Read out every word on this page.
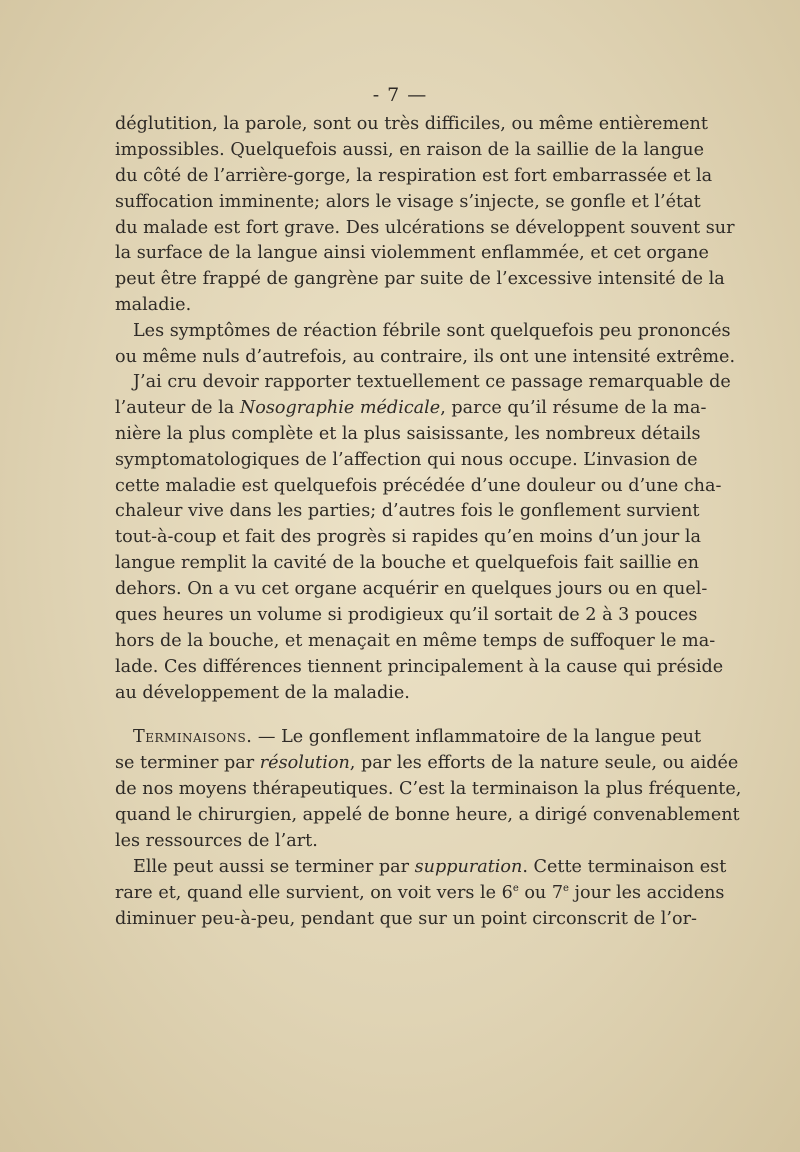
- 7 —
déglutition, la parole, sont ou très difficiles, ou même entièrement
impossibles. Quelquefois aussi, en raison de la saillie de la langue
du côté de l’arrière-gorge, la respiration est fort embarrassée et la
suffocation imminente; alors le visage s’injecte, se gonfle et l’état
du malade est fort grave. Des ulcérations se développent souvent sur
la surface de la langue ainsi violemment enflammée, et cet organe
peut être frappé de gangrène par suite de l’excessive intensité de la
maladie.
Les symptômes de réaction fébrile sont quelquefois peu prononcés
ou même nuls d’autrefois, au contraire, ils ont une intensité extrême.
J’ai cru devoir rapporter textuellement ce passage remarquable de
l’auteur de la Nosographie médicale, parce qu’il résume de la ma-
nière la plus complète et la plus saisissante, les nombreux détails
symptomatologiques de l’affection qui nous occupe. L’invasion de
cette maladie est quelquefois précédée d’une douleur ou d’une cha-
chaleur vive dans les parties; d’autres fois le gonflement survient
tout-à-coup et fait des progrès si rapides qu’en moins d’un jour la
langue remplit la cavité de la bouche et quelquefois fait saillie en
dehors. On a vu cet organe acquérir en quelques jours ou en quel-
ques heures un volume si prodigieux qu’il sortait de 2 à 3 pouces
hors de la bouche, et menaçait en même temps de suffoquer le ma-
lade. Ces différences tiennent principalement à la cause qui préside
au développement de la maladie.
Terminaisons. — Le gonflement inflammatoire de la langue peut
se terminer par résolution, par les efforts de la nature seule, ou aidée
de nos moyens thérapeutiques. C’est la terminaison la plus fréquente,
quand le chirurgien, appelé de bonne heure, a dirigé convenablement
les ressources de l’art.
Elle peut aussi se terminer par suppuration. Cette terminaison est
rare et, quand elle survient, on voit vers le 6e ou 7e jour les accidens
diminuer peu-à-peu, pendant que sur un point circonscrit de l’or-
